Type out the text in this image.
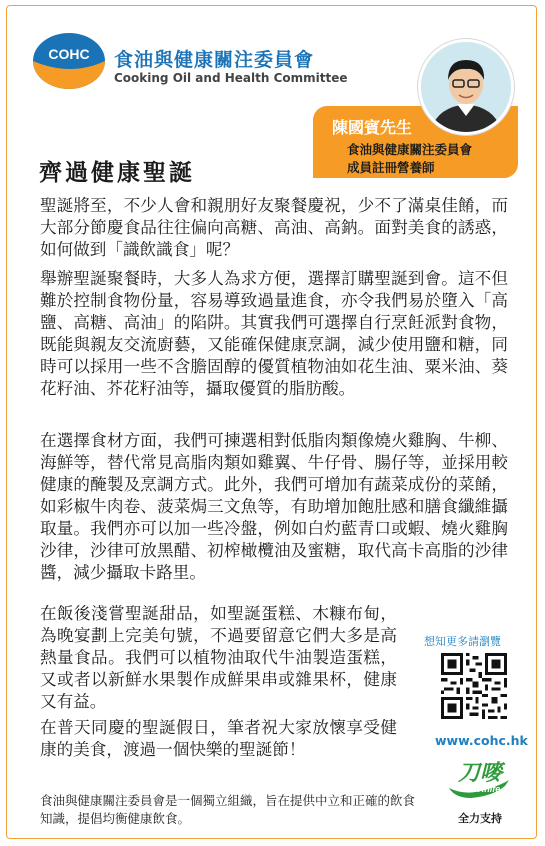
COHC 食油與健康關注委員會
Cooking Oil and Health Committee
陳國賓先生
食油與健康關注委員會
成員註冊營養師
齊過健康聖誕
聖誕將至，不少人會和親朋好友聚餐慶祝，少不了滿桌佳餚，而大部分節慶食品往往偏向高糖、高油、高鈉。面對美食的誘惑，如何做到「識飲識食」呢？
舉辦聖誕聚餐時，大多人為求方便，選擇訂購聖誕到會。這不但難於控制食物份量，容易導致過量進食，亦令我們易於墮入「高鹽、高糖、高油」的陷阱。其實我們可選擇自行烹飪派對食物，既能與親友交流廚藝，又能確保健康烹調，減少使用鹽和糖，同時可以採用一些不含膽固醇的優質植物油如花生油、粟米油、葵花籽油、芥花籽油等，攝取優質的脂肪酸。
在選擇食材方面，我們可揀選相對低脂肉類像燒火雞胸、牛柳、海鮮等，替代常見高脂肉類如雞翼、牛仔骨、腸仔等，並採用較健康的醃製及烹調方式。此外，我們可增加有蔬菜成份的菜餚，如彩椒牛肉卷、菠菜焗三文魚等，有助增加飽肚感和膳食纖維攝取量。我們亦可以加一些冷盤，例如白灼藍青口或蝦、燒火雞胸沙律，沙律可放黑醋、初榨橄欖油及蜜糖，取代高卡高脂的沙律醬，減少攝取卡路里。
在飯後淺嘗聖誕甜品，如聖誕蛋糕、木糠布甸，為晚宴劃上完美句號，不過要留意它們大多是高熱量食品。我們可以植物油取代牛油製造蛋糕，又或者以新鮮水果製作成鮮果串或雜果杯，健康又有益。
在普天同慶的聖誕假日，筆者祝大家放懷享受健康的美食，渡過一個快樂的聖誕節！
食油與健康關注委員會是一個獨立組織，旨在提供中立和正確的飲食知識，提倡均衡健康飲食。
想知更多請瀏覽
www.cohc.hk
刀嘜
Knife
全力支持
